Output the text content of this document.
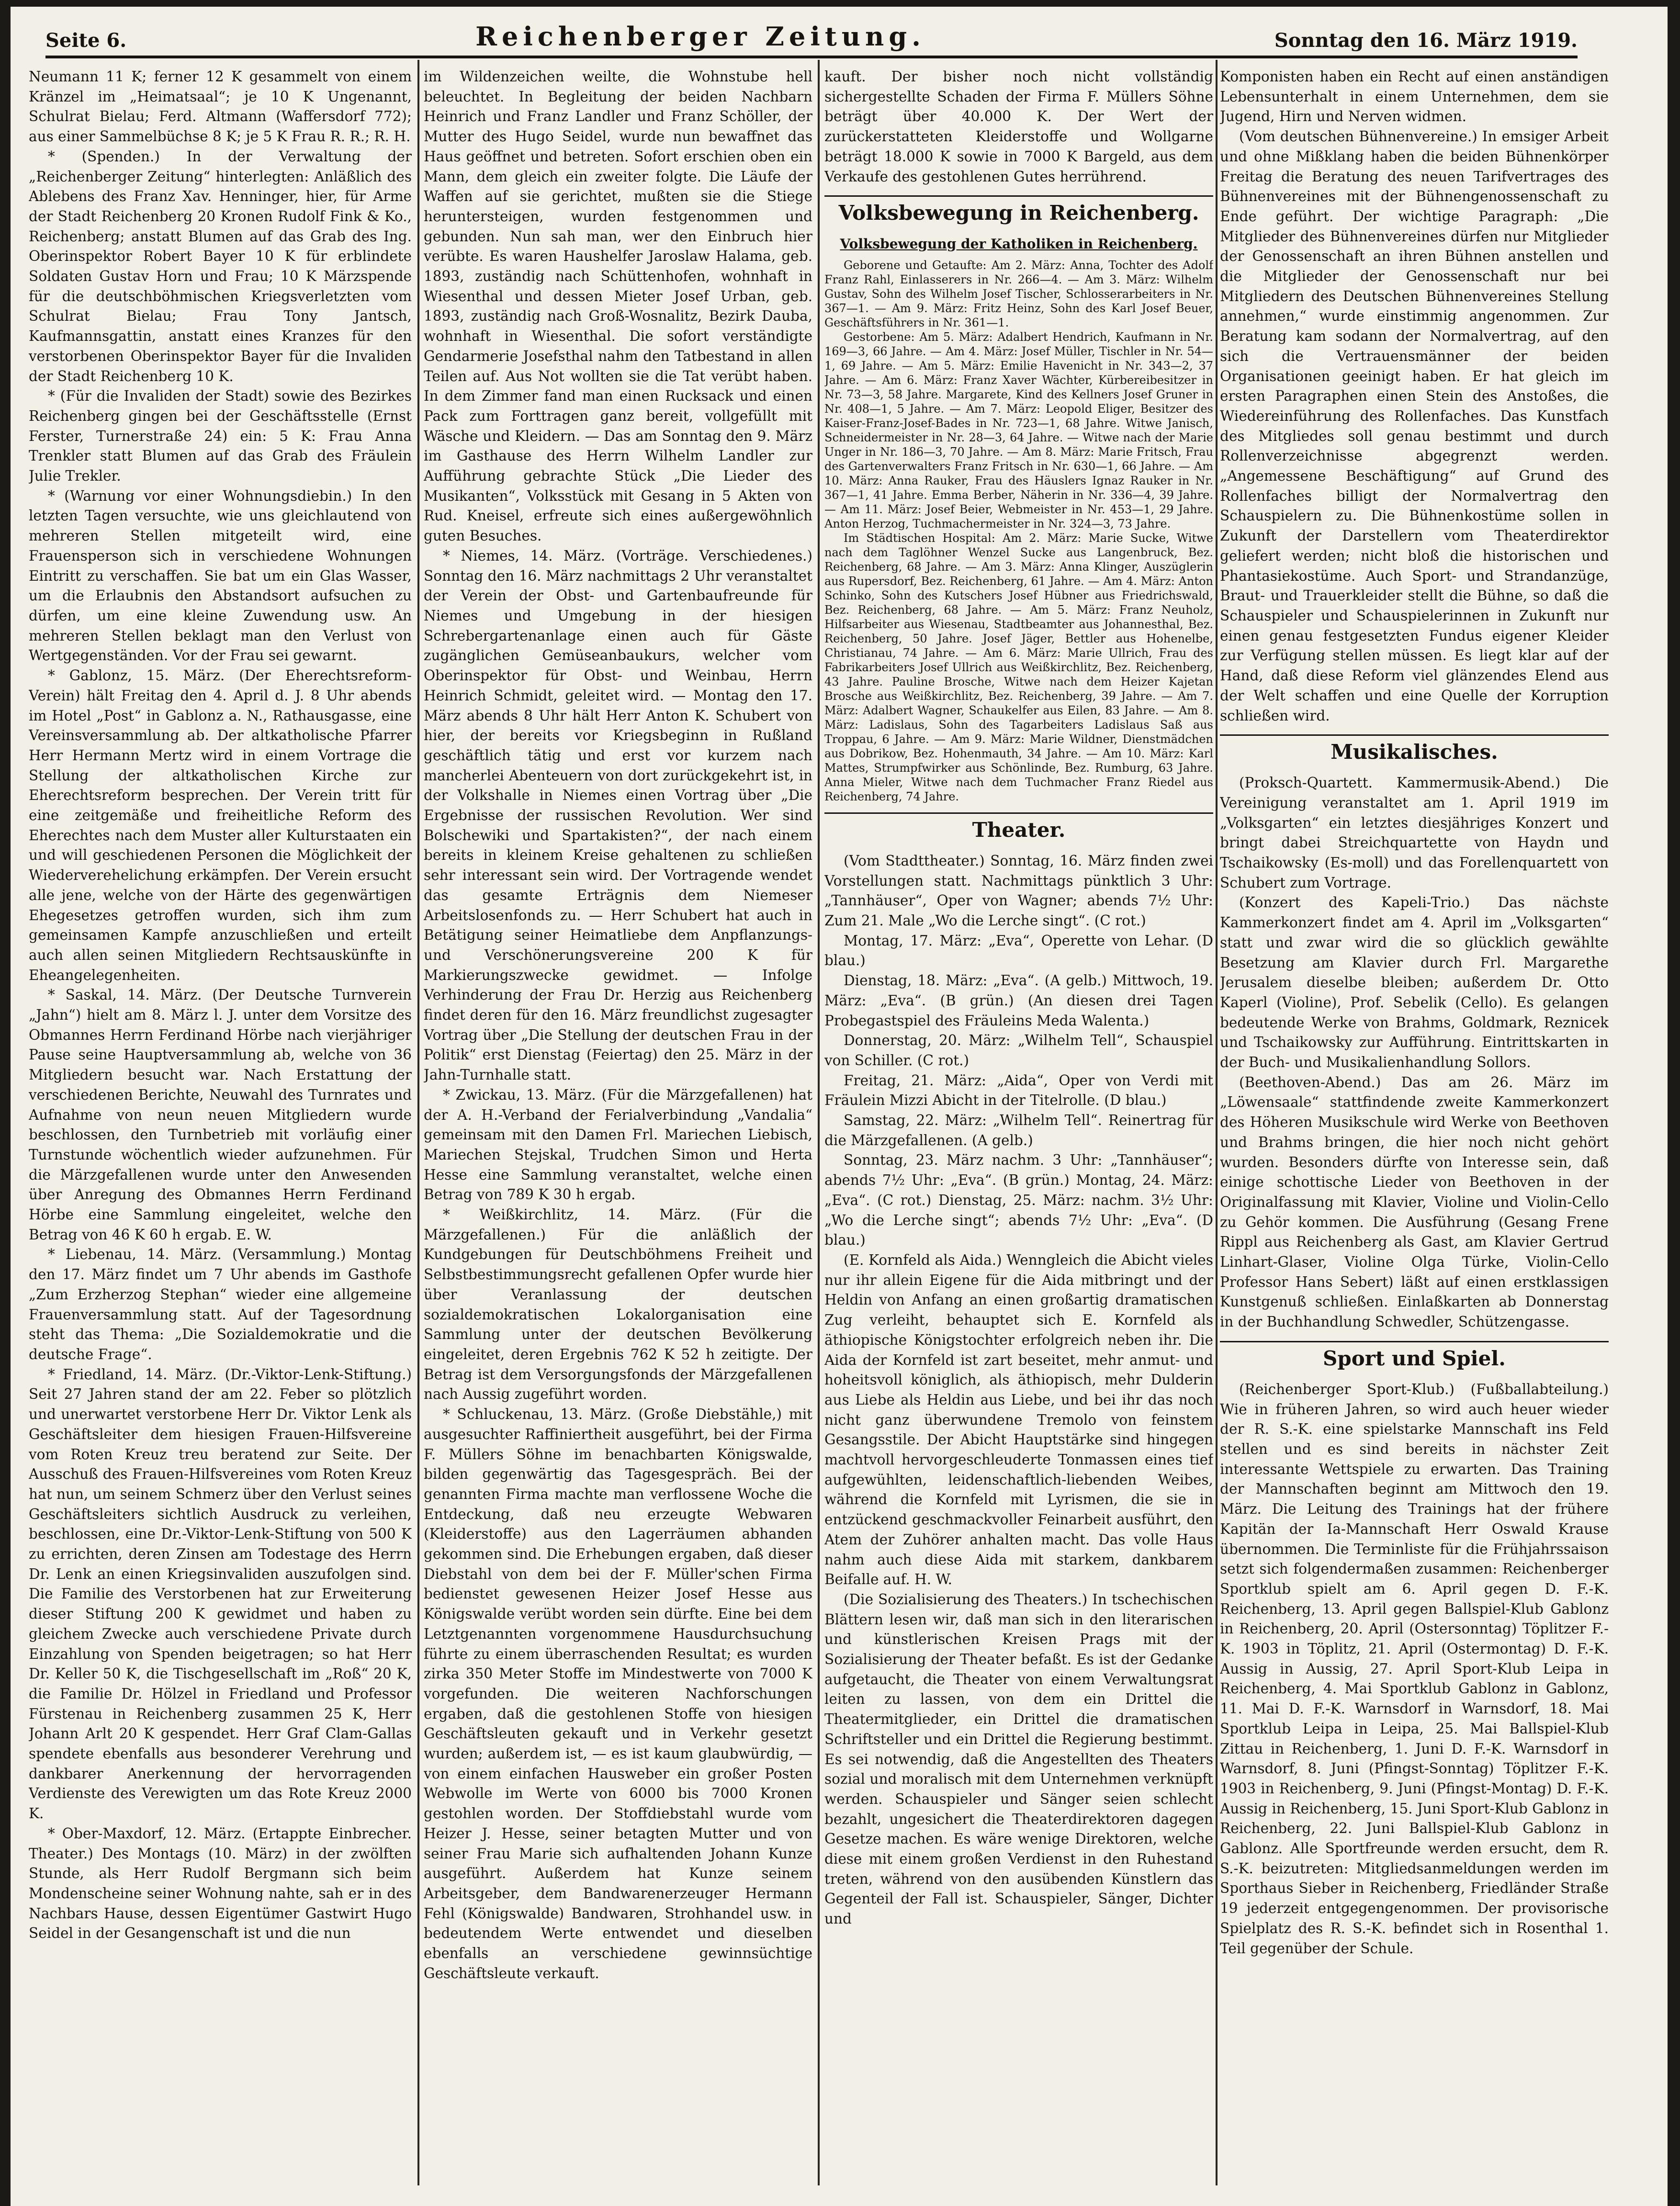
Seite 6.	Reichenberger Zeitung.	Sonntag den 16. März 1919.

Neumann 11 K; ferner 12 K gesammelt von einem Kränzel im „Heimatsaal“; je 10 K Ungenannt, Schulrat Bielau; Ferd. Altmann (Waffersdorf 772); aus einer Sammelbüchse 8 K; je 5 K Frau R. R.; R. H.

* (Spenden.) In der Verwaltung der „Reichenberger Zeitung“ hinterlegten: Anläßlich des Ablebens des Franz Xav. Henninger, hier, für Arme der Stadt Reichenberg 20 Kronen Rudolf Fink & Ko., Reichenberg; anstatt Blumen auf das Grab des Ing. Oberinspektor Robert Bayer 10 K für erblindete Soldaten Gustav Horn und Frau; 10 K Märzspende für die deutschböhmischen Kriegsverletzten vom Schulrat Bielau; Frau Tony Jantsch, Kaufmannsgattin, anstatt eines Kranzes für den verstorbenen Oberinspektor Bayer für die Invaliden der Stadt Reichenberg 10 K.

* (Für die Invaliden der Stadt) sowie des Bezirkes Reichenberg gingen bei der Geschäftsstelle (Ernst Ferster, Turnerstraße 24) ein: 5 K: Frau Anna Trenkler statt Blumen auf das Grab des Fräulein Julie Trekler.

* (Warnung vor einer Wohnungsdiebin.) In den letzten Tagen versuchte, wie uns gleichlautend von mehreren Stellen mitgeteilt wird, eine Frauensperson sich in verschiedene Wohnungen Eintritt zu verschaffen. Sie bat um ein Glas Wasser, um die Erlaubnis den Abstandsort aufsuchen zu dürfen, um eine kleine Zuwendung usw. An mehreren Stellen beklagt man den Verlust von Wertgegenständen. Vor der Frau sei gewarnt.

* Gablonz, 15. März. (Der Eherechtsreform-Verein) hält Freitag den 4. April d. J. 8 Uhr abends im Hotel „Post“ in Gablonz a. N., Rathausgasse, eine Vereinsversammlung ab. Der altkatholische Pfarrer Herr Hermann Mertz wird in einem Vortrage die Stellung der altkatholischen Kirche zur Eherechtsreform besprechen. Der Verein tritt für eine zeitgemäße und freiheitliche Reform des Eherechtes nach dem Muster aller Kulturstaaten ein und will geschiedenen Personen die Möglichkeit der Wiederverehelichung erkämpfen. Der Verein ersucht alle jene, welche von der Härte des gegenwärtigen Ehegesetzes getroffen wurden, sich ihm zum gemeinsamen Kampfe anzuschließen und erteilt auch allen seinen Mitgliedern Rechtsauskünfte in Eheangelegenheiten.

* Saskal, 14. März. (Der Deutsche Turnverein „Jahn“) hielt am 8. März l. J. unter dem Vorsitze des Obmannes Herrn Ferdinand Hörbe nach vierjähriger Pause seine Hauptversammlung ab, welche von 36 Mitgliedern besucht war. Nach Erstattung der verschiedenen Berichte, Neuwahl des Turnrates und Aufnahme von neun neuen Mitgliedern wurde beschlossen, den Turnbetrieb mit vorläufig einer Turnstunde wöchentlich wieder aufzunehmen. Für die Märzgefallenen wurde unter den Anwesenden über Anregung des Obmannes Herrn Ferdinand Hörbe eine Sammlung eingeleitet, welche den Betrag von 46 K 60 h ergab. E. W.

* Liebenau, 14. März. (Versammlung.) Montag den 17. März findet um 7 Uhr abends im Gasthofe „Zum Erzherzog Stephan“ wieder eine allgemeine Frauenversammlung statt. Auf der Tagesordnung steht das Thema: „Die Sozialdemokratie und die deutsche Frage“.

* Friedland, 14. März. (Dr.-Viktor-Lenk-Stiftung.) Seit 27 Jahren stand der am 22. Feber so plötzlich und unerwartet verstorbene Herr Dr. Viktor Lenk als Geschäftsleiter dem hiesigen Frauen-Hilfsvereine vom Roten Kreuz treu beratend zur Seite. Der Ausschuß des Frauen-Hilfsvereines vom Roten Kreuz hat nun, um seinem Schmerz über den Verlust seines Geschäftsleiters sichtlich Ausdruck zu verleihen, beschlossen, eine Dr.-Viktor-Lenk-Stiftung von 500 K zu errichten, deren Zinsen am Todestage des Herrn Dr. Lenk an einen Kriegsinvaliden auszufolgen sind. Die Familie des Verstorbenen hat zur Erweiterung dieser Stiftung 200 K gewidmet und haben zu gleichem Zwecke auch verschiedene Private durch Einzahlung von Spenden beigetragen; so hat Herr Dr. Keller 50 K, die Tischgesellschaft im „Roß“ 20 K, die Familie Dr. Hölzel in Friedland und Professor Fürstenau in Reichenberg zusammen 25 K, Herr Johann Arlt 20 K gespendet. Herr Graf Clam-Gallas spendete ebenfalls aus besonderer Verehrung und dankbarer Anerkennung der hervorragenden Verdienste des Verewigten um das Rote Kreuz 2000 K.

* Ober-Maxdorf, 12. März. (Ertappte Einbrecher. Theater.) Des Montags (10. März) in der zwölften Stunde, als Herr Rudolf Bergmann sich beim Mondenscheine seiner Wohnung nahte, sah er in des Nachbars Hause, dessen Eigentümer Gastwirt Hugo Seidel in der Gesangenschaft ist und die nun

im Wildenzeichen weilte, die Wohnstube hell beleuchtet. In Begleitung der beiden Nachbarn Heinrich und Franz Landler und Franz Schöller, der Mutter des Hugo Seidel, wurde nun bewaffnet das Haus geöffnet und betreten. Sofort erschien oben ein Mann, dem gleich ein zweiter folgte. Die Läufe der Waffen auf sie gerichtet, mußten sie die Stiege heruntersteigen, wurden festgenommen und gebunden. Nun sah man, wer den Einbruch hier verübte. Es waren Haushelfer Jaroslaw Halama, geb. 1893, zuständig nach Schüttenhofen, wohnhaft in Wiesenthal und dessen Mieter Josef Urban, geb. 1893, zuständig nach Groß-Wosnalitz, Bezirk Dauba, wohnhaft in Wiesenthal. Die sofort verständigte Gendarmerie Josefsthal nahm den Tatbestand in allen Teilen auf. Aus Not wollten sie die Tat verübt haben. In dem Zimmer fand man einen Rucksack und einen Pack zum Forttragen ganz bereit, vollgefüllt mit Wäsche und Kleidern. — Das am Sonntag den 9. März im Gasthause des Herrn Wilhelm Landler zur Aufführung gebrachte Stück „Die Lieder des Musikanten“, Volksstück mit Gesang in 5 Akten von Rud. Kneisel, erfreute sich eines außergewöhnlich guten Besuches.

* Niemes, 14. März. (Vorträge. Verschiedenes.) Sonntag den 16. März nachmittags 2 Uhr veranstaltet der Verein der Obst- und Gartenbaufreunde für Niemes und Umgebung in der hiesigen Schrebergartenanlage einen auch für Gäste zugänglichen Gemüseanbaukurs, welcher vom Oberinspektor für Obst- und Weinbau, Herrn Heinrich Schmidt, geleitet wird. — Montag den 17. März abends 8 Uhr hält Herr Anton K. Schubert von hier, der bereits vor Kriegsbeginn in Rußland geschäftlich tätig und erst vor kurzem nach mancherlei Abenteuern von dort zurückgekehrt ist, in der Volkshalle in Niemes einen Vortrag über „Die Ergebnisse der russischen Revolution. Wer sind Bolschewiki und Spartakisten?“, der nach einem bereits in kleinem Kreise gehaltenen zu schließen sehr interessant sein wird. Der Vortragende wendet das gesamte Erträgnis dem Niemeser Arbeitslosenfonds zu. — Herr Schubert hat auch in Betätigung seiner Heimatliebe dem Anpflanzungs- und Verschönerungsvereine 200 K für Markierungszwecke gewidmet. — Infolge Verhinderung der Frau Dr. Herzig aus Reichenberg findet deren für den 16. März freundlichst zugesagter Vortrag über „Die Stellung der deutschen Frau in der Politik“ erst Dienstag (Feiertag) den 25. März in der Jahn-Turnhalle statt.

* Zwickau, 13. März. (Für die Märzgefallenen) hat der A. H.-Verband der Ferialverbindung „Vandalia“ gemeinsam mit den Damen Frl. Mariechen Liebisch, Mariechen Stejskal, Trudchen Simon und Herta Hesse eine Sammlung veranstaltet, welche einen Betrag von 789 K 30 h ergab.

* Weißkirchlitz, 14. März. (Für die Märzgefallenen.) Für die anläßlich der Kundgebungen für Deutschböhmens Freiheit und Selbstbestimmungsrecht gefallenen Opfer wurde hier über Veranlassung der deutschen sozialdemokratischen Lokalorganisation eine Sammlung unter der deutschen Bevölkerung eingeleitet, deren Ergebnis 762 K 52 h zeitigte. Der Betrag ist dem Versorgungsfonds der Märzgefallenen nach Aussig zugeführt worden.

* Schluckenau, 13. März. (Große Diebstähle,) mit ausgesuchter Raffiniertheit ausgeführt, bei der Firma F. Müllers Söhne im benachbarten Königswalde, bilden gegenwärtig das Tagesgespräch. Bei der genannten Firma machte man verflossene Woche die Entdeckung, daß neu erzeugte Webwaren (Kleiderstoffe) aus den Lagerräumen abhanden gekommen sind. Die Erhebungen ergaben, daß dieser Diebstahl von dem bei der F. Müller'schen Firma bedienstet gewesenen Heizer Josef Hesse aus Königswalde verübt worden sein dürfte. Eine bei dem Letztgenannten vorgenommene Hausdurchsuchung führte zu einem überraschenden Resultat; es wurden zirka 350 Meter Stoffe im Mindestwerte von 7000 K vorgefunden. Die weiteren Nachforschungen ergaben, daß die gestohlenen Stoffe von hiesigen Geschäftsleuten gekauft und in Verkehr gesetzt wurden; außerdem ist, — es ist kaum glaubwürdig, — von einem einfachen Hausweber ein großer Posten Webwolle im Werte von 6000 bis 7000 Kronen gestohlen worden. Der Stoffdiebstahl wurde vom Heizer J. Hesse, seiner betagten Mutter und von seiner Frau Marie sich aufhaltenden Johann Kunze ausgeführt. Außerdem hat Kunze seinem Arbeitsgeber, dem Bandwarenerzeuger Hermann Fehl (Königswalde) Bandwaren, Strohhandel usw. in bedeutendem Werte entwendet und dieselben ebenfalls an verschiedene gewinnsüchtige Geschäftsleute verkauft.

kauft. Der bisher noch nicht vollständig sichergestellte Schaden der Firma F. Müllers Söhne beträgt über 40.000 K. Der Wert der zurückerstatteten Kleiderstoffe und Wollgarne beträgt 18.000 K sowie in 7000 K Bargeld, aus dem Verkaufe des gestohlenen Gutes herrührend.

Volksbewegung in Reichenberg.
Volksbewegung der Katholiken in Reichenberg.

Geborene und Getaufte: Am 2. März: Anna, Tochter des Adolf Franz Rahl, Einlasserers in Nr. 266—4. — Am 3. März: Wilhelm Gustav, Sohn des Wilhelm Josef Tischer, Schlosserarbeiters in Nr. 367—1. — Am 9. März: Fritz Heinz, Sohn des Karl Josef Beuer, Geschäftsführers in Nr. 361—1.

Gestorbene: Am 5. März: Adalbert Hendrich, Kaufmann in Nr. 169—3, 66 Jahre. — Am 4. März: Josef Müller, Tischler in Nr. 54—1, 69 Jahre. — Am 5. März: Emilie Havenicht in Nr. 343—2, 37 Jahre. — Am 6. März: Franz Xaver Wächter, Kürbereibesitzer in Nr. 73—3, 58 Jahre. Margarete, Kind des Kellners Josef Gruner in Nr. 408—1, 5 Jahre. — Am 7. März: Leopold Eliger, Besitzer des Kaiser-Franz-Josef-Bades in Nr. 723—1, 68 Jahre. Witwe Janisch, Schneidermeister in Nr. 28—3, 64 Jahre. — Witwe nach der Marie Unger in Nr. 186—3, 70 Jahre. — Am 8. März: Marie Fritsch, Frau des Gartenverwalters Franz Fritsch in Nr. 630—1, 66 Jahre. — Am 10. März: Anna Rauker, Frau des Häuslers Ignaz Rauker in Nr. 367—1, 41 Jahre. Emma Berber, Näherin in Nr. 336—4, 39 Jahre. — Am 11. März: Josef Beier, Webmeister in Nr. 453—1, 29 Jahre. Anton Herzog, Tuchmachermeister in Nr. 324—3, 73 Jahre.

Im Städtischen Hospital: Am 2. März: Marie Sucke, Witwe nach dem Taglöhner Wenzel Sucke aus Langenbruck, Bez. Reichenberg, 68 Jahre. — Am 3. März: Anna Klinger, Auszüglerin aus Rupersdorf, Bez. Reichenberg, 61 Jahre. — Am 4. März: Anton Schinko, Sohn des Kutschers Josef Hübner aus Friedrichswald, Bez. Reichenberg, 68 Jahre. — Am 5. März: Franz Neuholz, Hilfsarbeiter aus Wiesenau, Stadtbeamter aus Johannesthal, Bez. Reichenberg, 50 Jahre. Josef Jäger, Bettler aus Hohenelbe, Christianau, 74 Jahre. — Am 6. März: Marie Ullrich, Frau des Fabrikarbeiters Josef Ullrich aus Weißkirchlitz, Bez. Reichenberg, 43 Jahre. Pauline Brosche, Witwe nach dem Heizer Kajetan Brosche aus Weißkirchlitz, Bez. Reichenberg, 39 Jahre. — Am 7. März: Adalbert Wagner, Schaukelfer aus Eilen, 83 Jahre. — Am 8. März: Ladislaus, Sohn des Tagarbeiters Ladislaus Saß aus Troppau, 6 Jahre. — Am 9. März: Marie Wildner, Dienstmädchen aus Dobrikow, Bez. Hohenmauth, 34 Jahre. — Am 10. März: Karl Mattes, Strumpfwirker aus Schönlinde, Bez. Rumburg, 63 Jahre. Anna Mieler, Witwe nach dem Tuchmacher Franz Riedel aus Reichenberg, 74 Jahre.

Theater.

(Vom Stadttheater.) Sonntag, 16. März finden zwei Vorstellungen statt. Nachmittags pünktlich 3 Uhr: „Tannhäuser“, Oper von Wagner; abends 7½ Uhr: Zum 21. Male „Wo die Lerche singt“. (C rot.)

Montag, 17. März: „Eva“, Operette von Lehar. (D blau.)

Dienstag, 18. März: „Eva“. (A gelb.) Mittwoch, 19. März: „Eva“. (B grün.) (An diesen drei Tagen Probegastspiel des Fräuleins Meda Walenta.)

Donnerstag, 20. März: „Wilhelm Tell“, Schauspiel von Schiller. (C rot.)

Freitag, 21. März: „Aida“, Oper von Verdi mit Fräulein Mizzi Abicht in der Titelrolle. (D blau.)

Samstag, 22. März: „Wilhelm Tell“. Reinertrag für die Märzgefallenen. (A gelb.)

Sonntag, 23. März nachm. 3 Uhr: „Tannhäuser“; abends 7½ Uhr: „Eva“. (B grün.) Montag, 24. März: „Eva“. (C rot.) Dienstag, 25. März: nachm. 3½ Uhr: „Wo die Lerche singt“; abends 7½ Uhr: „Eva“. (D blau.)

(E. Kornfeld als Aida.) Wenngleich die Abicht vieles nur ihr allein Eigene für die Aida mitbringt und der Heldin von Anfang an einen großartig dramatischen Zug verleiht, behauptet sich E. Kornfeld als äthiopische Königstochter erfolgreich neben ihr. Die Aida der Kornfeld ist zart beseitet, mehr anmut- und hoheitsvoll königlich, als äthiopisch, mehr Dulderin aus Liebe als Heldin aus Liebe, und bei ihr das noch nicht ganz überwundene Tremolo von feinstem Gesangsstile. Der Abicht Hauptstärke sind hingegen machtvoll hervorgeschleuderte Tonmassen eines tief aufgewühlten, leidenschaftlich-liebenden Weibes, während die Kornfeld mit Lyrismen, die sie in entzückend geschmackvoller Feinarbeit ausführt, den Atem der Zuhörer anhalten macht. Das volle Haus nahm auch diese Aida mit starkem, dankbarem Beifalle auf. H. W.

(Die Sozialisierung des Theaters.) In tschechischen Blättern lesen wir, daß man sich in den literarischen und künstlerischen Kreisen Prags mit der Sozialisierung der Theater befaßt. Es ist der Gedanke aufgetaucht, die Theater von einem Verwaltungsrat leiten zu lassen, von dem ein Drittel die Theatermitglieder, ein Drittel die dramatischen Schriftsteller und ein Drittel die Regierung bestimmt. Es sei notwendig, daß die Angestellten des Theaters sozial und moralisch mit dem Unternehmen verknüpft werden. Schauspieler und Sänger seien schlecht bezahlt, ungesichert die Theaterdirektoren dagegen Gesetze machen. Es wäre wenige Direktoren, welche diese mit einem großen Verdienst in den Ruhestand treten, während von den ausübenden Künstlern das Gegenteil der Fall ist. Schauspieler, Sänger, Dichter und

Komponisten haben ein Recht auf einen anständigen Lebensunterhalt in einem Unternehmen, dem sie Jugend, Hirn und Nerven widmen.

(Vom deutschen Bühnenvereine.) In emsiger Arbeit und ohne Mißklang haben die beiden Bühnenkörper Freitag die Beratung des neuen Tarifvertrages des Bühnenvereines mit der Bühnengenossenschaft zu Ende geführt. Der wichtige Paragraph: „Die Mitglieder des Bühnenvereines dürfen nur Mitglieder der Genossenschaft an ihren Bühnen anstellen und die Mitglieder der Genossenschaft nur bei Mitgliedern des Deutschen Bühnenvereines Stellung annehmen,“ wurde einstimmig angenommen. Zur Beratung kam sodann der Normalvertrag, auf den sich die Vertrauensmänner der beiden Organisationen geeinigt haben. Er hat gleich im ersten Paragraphen einen Stein des Anstoßes, die Wiedereinführung des Rollenfaches. Das Kunstfach des Mitgliedes soll genau bestimmt und durch Rollenverzeichnisse abgegrenzt werden. „Angemessene Beschäftigung“ auf Grund des Rollenfaches billigt der Normalvertrag den Schauspielern zu. Die Bühnenkostüme sollen in Zukunft der Darstellern vom Theaterdirektor geliefert werden; nicht bloß die historischen und Phantasiekostüme. Auch Sport- und Strandanzüge, Braut- und Trauerkleider stellt die Bühne, so daß die Schauspieler und Schauspielerinnen in Zukunft nur einen genau festgesetzten Fundus eigener Kleider zur Verfügung stellen müssen. Es liegt klar auf der Hand, daß diese Reform viel glänzendes Elend aus der Welt schaffen und eine Quelle der Korruption schließen wird.

Musikalisches.

(Proksch-Quartett. Kammermusik-Abend.) Die Vereinigung veranstaltet am 1. April 1919 im „Volksgarten“ ein letztes diesjähriges Konzert und bringt dabei Streichquartette von Haydn und Tschaikowsky (Es-moll) und das Forellenquartett von Schubert zum Vortrage.

(Konzert des Kapeli-Trio.) Das nächste Kammerkonzert findet am 4. April im „Volksgarten“ statt und zwar wird die so glücklich gewählte Besetzung am Klavier durch Frl. Margarethe Jerusalem dieselbe bleiben; außerdem Dr. Otto Kaperl (Violine), Prof. Sebelik (Cello). Es gelangen bedeutende Werke von Brahms, Goldmark, Reznicek und Tschaikowsky zur Aufführung. Eintrittskarten in der Buch- und Musikalienhandlung Sollors.

(Beethoven-Abend.) Das am 26. März im „Löwensaale“ stattfindende zweite Kammerkonzert des Höheren Musikschule wird Werke von Beethoven und Brahms bringen, die hier noch nicht gehört wurden. Besonders dürfte von Interesse sein, daß einige schottische Lieder von Beethoven in der Originalfassung mit Klavier, Violine und Violin-Cello zu Gehör kommen. Die Ausführung (Gesang Frene Rippl aus Reichenberg als Gast, am Klavier Gertrud Linhart-Glaser, Violine Olga Türke, Violin-Cello Professor Hans Sebert) läßt auf einen erstklassigen Kunstgenuß schließen. Einlaßkarten ab Donnerstag in der Buchhandlung Schwedler, Schützengasse.

Sport und Spiel.

(Reichenberger Sport-Klub.) (Fußballabteilung.) Wie in früheren Jahren, so wird auch heuer wieder der R. S.-K. eine spielstarke Mannschaft ins Feld stellen und es sind bereits in nächster Zeit interessante Wettspiele zu erwarten. Das Training der Mannschaften beginnt am Mittwoch den 19. März. Die Leitung des Trainings hat der frühere Kapitän der Ia-Mannschaft Herr Oswald Krause übernommen. Die Terminliste für die Frühjahrssaison setzt sich folgendermaßen zusammen: Reichenberger Sportklub spielt am 6. April gegen D. F.-K. Reichenberg, 13. April gegen Ballspiel-Klub Gablonz in Reichenberg, 20. April (Ostersonntag) Töplitzer F.-K. 1903 in Töplitz, 21. April (Ostermontag) D. F.-K. Aussig in Aussig, 27. April Sport-Klub Leipa in Reichenberg, 4. Mai Sportklub Gablonz in Gablonz, 11. Mai D. F.-K. Warnsdorf in Warnsdorf, 18. Mai Sportklub Leipa in Leipa, 25. Mai Ballspiel-Klub Zittau in Reichenberg, 1. Juni D. F.-K. Warnsdorf in Warnsdorf, 8. Juni (Pfingst-Sonntag) Töplitzer F.-K. 1903 in Reichenberg, 9. Juni (Pfingst-Montag) D. F.-K. Aussig in Reichenberg, 15. Juni Sport-Klub Gablonz in Reichenberg, 22. Juni Ballspiel-Klub Gablonz in Gablonz. Alle Sportfreunde werden ersucht, dem R. S.-K. beizutreten: Mitgliedsanmeldungen werden im Sporthaus Sieber in Reichenberg, Friedländer Straße 19 jederzeit entgegengenommen. Der provisorische Spielplatz des R. S.-K. befindet sich in Rosenthal 1. Teil gegenüber der Schule.
